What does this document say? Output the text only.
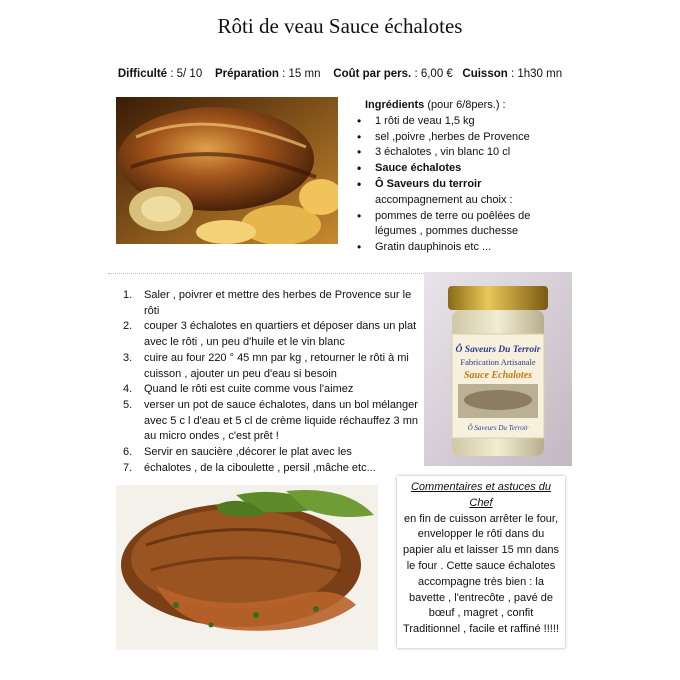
Rôti de veau Sauce échalotes
Difficulté : 5/ 10 Préparation : 15 mn Coût par pers. : 6,00 € Cuisson : 1h30 mn
Ingrédients (pour 6/8pers.) :
• 1 rôti de veau 1,5 kg
• sel ,poivre ,herbes de Provence
• 3 échalotes , vin blanc 10 cl
• Sauce échalotes
• Ô Saveurs du terroir
accompagnement au choix :
• pommes de terre ou poêlées de légumes , pommes duchesse
• Gratin dauphinois etc ...
1. Saler , poivrer et mettre des herbes de Provence sur le rôti
2. couper 3 échalotes en quartiers et déposer dans un plat avec le rôti , un peu d'huile et le vin blanc
3. cuire au four 220 ° 45 mn par kg , retourner le rôti à mi cuisson , ajouter un peu d'eau si besoin
4. Quand le rôti est cuite comme vous l'aimez
5. verser un pot de sauce échalotes, dans un bol mélanger avec 5 c l d'eau et 5 cl de crème liquide réchauffez 3 mn au micro ondes , c'est prêt !
6. Servir en saucière ,décorer le plat avec les
7. échalotes , de la ciboulette , persil ,mâche etc...
Ô Saveurs Du Terroir
Fabrication Artisanale
Sauce Echalotes
Ô Saveurs Du Terroir
Commentaires et astuces du Chef
en fin de cuisson arrêter le four, envelopper le rôti dans du papier alu et laisser 15 mn dans le four . Cette sauce échalotes accompagne très bien : la bavette , l'entrecôte , pavé de bœuf , magret , confit Traditionnel , facile et raffiné !!!!!
